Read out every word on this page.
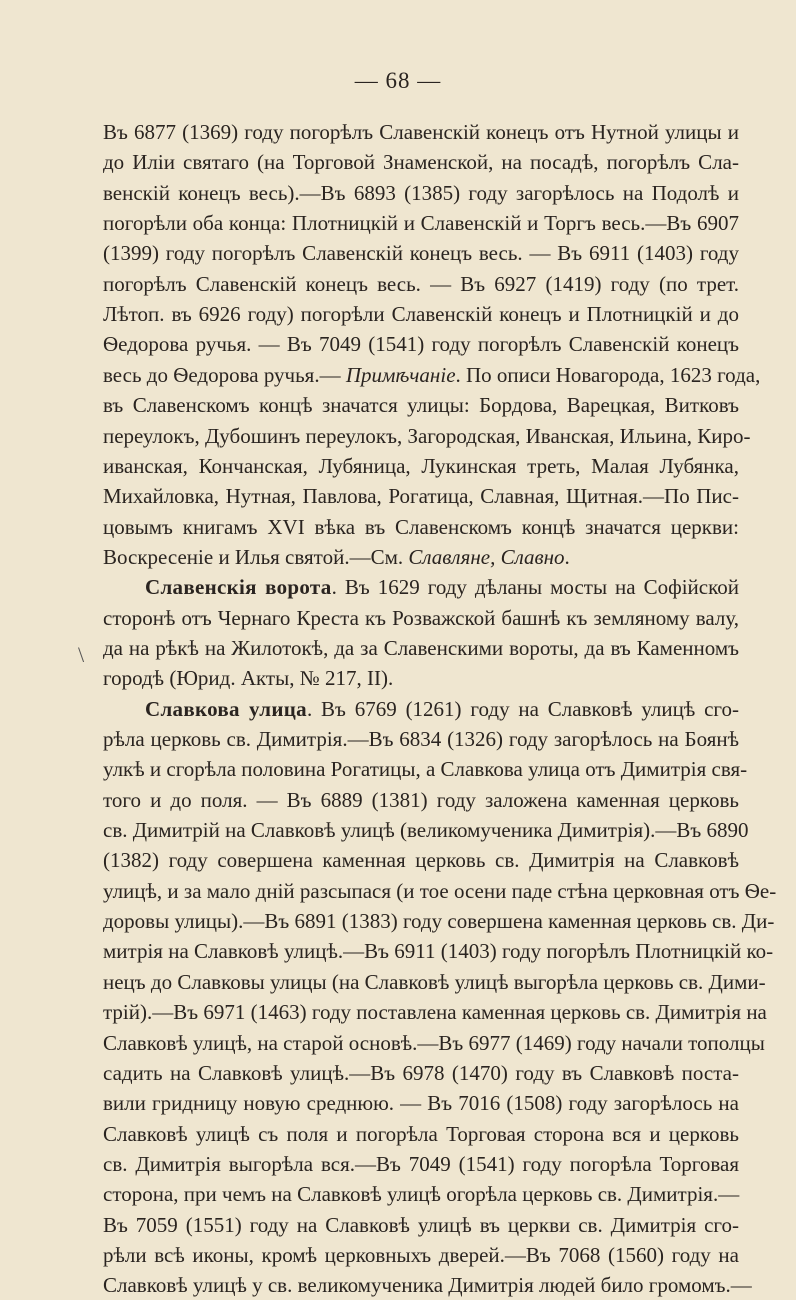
— 68 —
\
Въ 6877 (1369) году погорѣлъ Славенскій конецъ отъ Нутной улицы и
до Иліи святаго (на Торговой Знаменской, на посадѣ, погорѣлъ Сла-
венскій конецъ весь).—Въ 6893 (1385) году загорѣлось на Подолѣ и
погорѣли оба конца: Плотницкій и Славенскій и Торгъ весь.—Въ 6907
(1399) году погорѣлъ Славенскій конецъ весь. — Въ 6911 (1403) году
погорѣлъ Славенскій конецъ весь. — Въ 6927 (1419) году (по трет.
Лѣтоп. въ 6926 году) погорѣли Славенскій конецъ и Плотницкій и до
Ѳедорова ручья. — Въ 7049 (1541) году погорѣлъ Славенскій конецъ
весь до Ѳедорова ручья.— Примѣчаніе. По описи Новагорода, 1623 года,
въ Славенскомъ концѣ значатся улицы: Бордова, Варецкая, Витковъ
переулокъ, Дубошинъ переулокъ, Загородская, Иванская, Ильина, Киро-
иванская, Кончанская, Лубяница, Лукинская треть, Малая Лубянка,
Михайловка, Нутная, Павлова, Рогатица, Славная, Щитная.—По Пис-
цовымъ книгамъ XVI вѣка въ Славенскомъ концѣ значатся церкви:
Воскресеніе и Илья святой.—См. Славляне, Славно.
Славенскія ворота. Въ 1629 году дѣланы мосты на Софійской
сторонѣ отъ Чернаго Креста къ Розважской башнѣ къ земляному валу,
да на рѣкѣ на Жилотокѣ, да за Славенскими вороты, да въ Каменномъ
городѣ (Юрид. Акты, № 217, II).
Славкова улица. Въ 6769 (1261) году на Славковѣ улицѣ сго-
рѣла церковь св. Димитрія.—Въ 6834 (1326) году загорѣлось на Боянѣ
улкѣ и сгорѣла половина Рогатицы, а Славкова улица отъ Димитрія свя-
того и до поля. — Въ 6889 (1381) году заложена каменная церковь
св. Димитрій на Славковѣ улицѣ (великомученика Димитрія).—Въ 6890
(1382) году совершена каменная церковь св. Димитрія на Славковѣ
улицѣ, и за мало дній разсыпася (и тое осени паде стѣна церковная отъ Ѳе-
доровы улицы).—Въ 6891 (1383) году совершена каменная церковь св. Ди-
митрія на Славковѣ улицѣ.—Въ 6911 (1403) году погорѣлъ Плотницкій ко-
нецъ до Славковы улицы (на Славковѣ улицѣ выгорѣла церковь св. Дими-
трій).—Въ 6971 (1463) году поставлена каменная церковь св. Димитрія на
Славковѣ улицѣ, на старой основѣ.—Въ 6977 (1469) году начали тополцы
садить на Славковѣ улицѣ.—Въ 6978 (1470) году въ Славковѣ поста-
вили гридницу новую среднюю. — Въ 7016 (1508) году загорѣлось на
Славковѣ улицѣ съ поля и погорѣла Торговая сторона вся и церковь
св. Димитрія выгорѣла вся.—Въ 7049 (1541) году погорѣла Торговая
сторона, при чемъ на Славковѣ улицѣ огорѣла церковь св. Димитрія.—
Въ 7059 (1551) году на Славковѣ улицѣ въ церкви св. Димитрія сго-
рѣли всѣ иконы, кромѣ церковныхъ дверей.—Въ 7068 (1560) году на
Славковѣ улицѣ у св. великомученика Димитрія людей било громомъ.—
